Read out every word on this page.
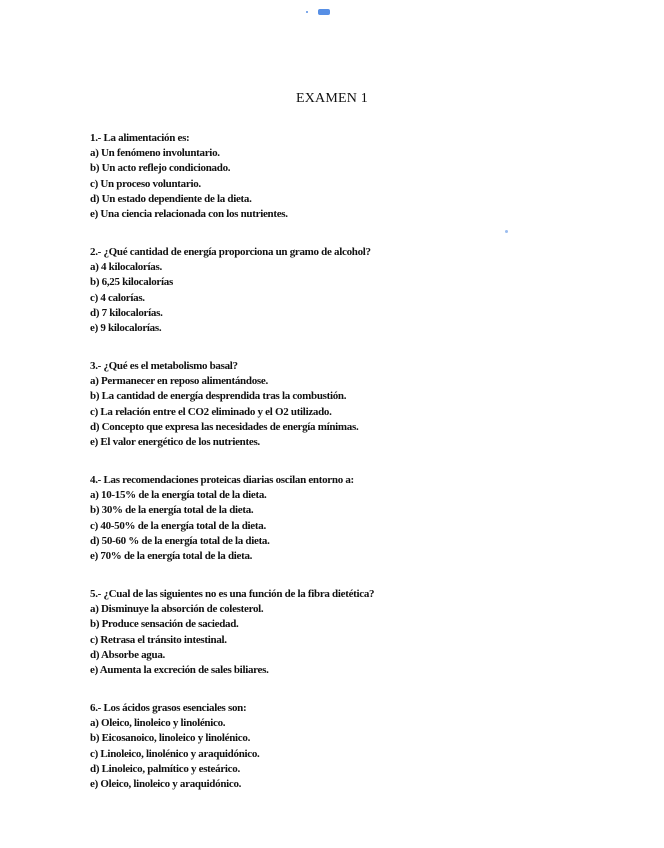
EXAMEN 1
1.- La alimentación es:
a) Un fenómeno involuntario.
b) Un acto reflejo condicionado.
c) Un proceso voluntario.
d) Un estado dependiente de la dieta.
e) Una ciencia relacionada con los nutrientes.
2.- ¿Qué cantidad de energía proporciona un gramo de alcohol?
a) 4 kilocalorías.
b) 6,25 kilocalorías
c) 4 calorías.
d) 7 kilocalorías.
e) 9 kilocalorías.
3.- ¿Qué es el metabolismo basal?
a) Permanecer en reposo alimentándose.
b) La cantidad de energía desprendida tras la combustión.
c) La relación entre el CO2 eliminado y el O2 utilizado.
d) Concepto que expresa las necesidades de energía mínimas.
e) El valor energético de los nutrientes.
4.- Las recomendaciones proteicas diarias oscilan entorno a:
a) 10-15% de la energía total de la dieta.
b) 30% de la energía total de la dieta.
c) 40-50% de la energía total de la dieta.
d) 50-60 % de la energía total de la dieta.
e) 70% de la energía total de la dieta.
5.- ¿Cual de las siguientes no es una función de la fibra dietética?
a) Disminuye la absorción de colesterol.
b) Produce sensación de saciedad.
c) Retrasa el tránsito intestinal.
d) Absorbe agua.
e) Aumenta la excreción de sales biliares.
6.- Los ácidos grasos esenciales son:
a) Oleico, linoleico y linolénico.
b) Eicosanoico, linoleico y linolénico.
c) Linoleico, linolénico y araquidónico.
d) Linoleico, palmítico y esteárico.
e) Oleico, linoleico y araquidónico.
